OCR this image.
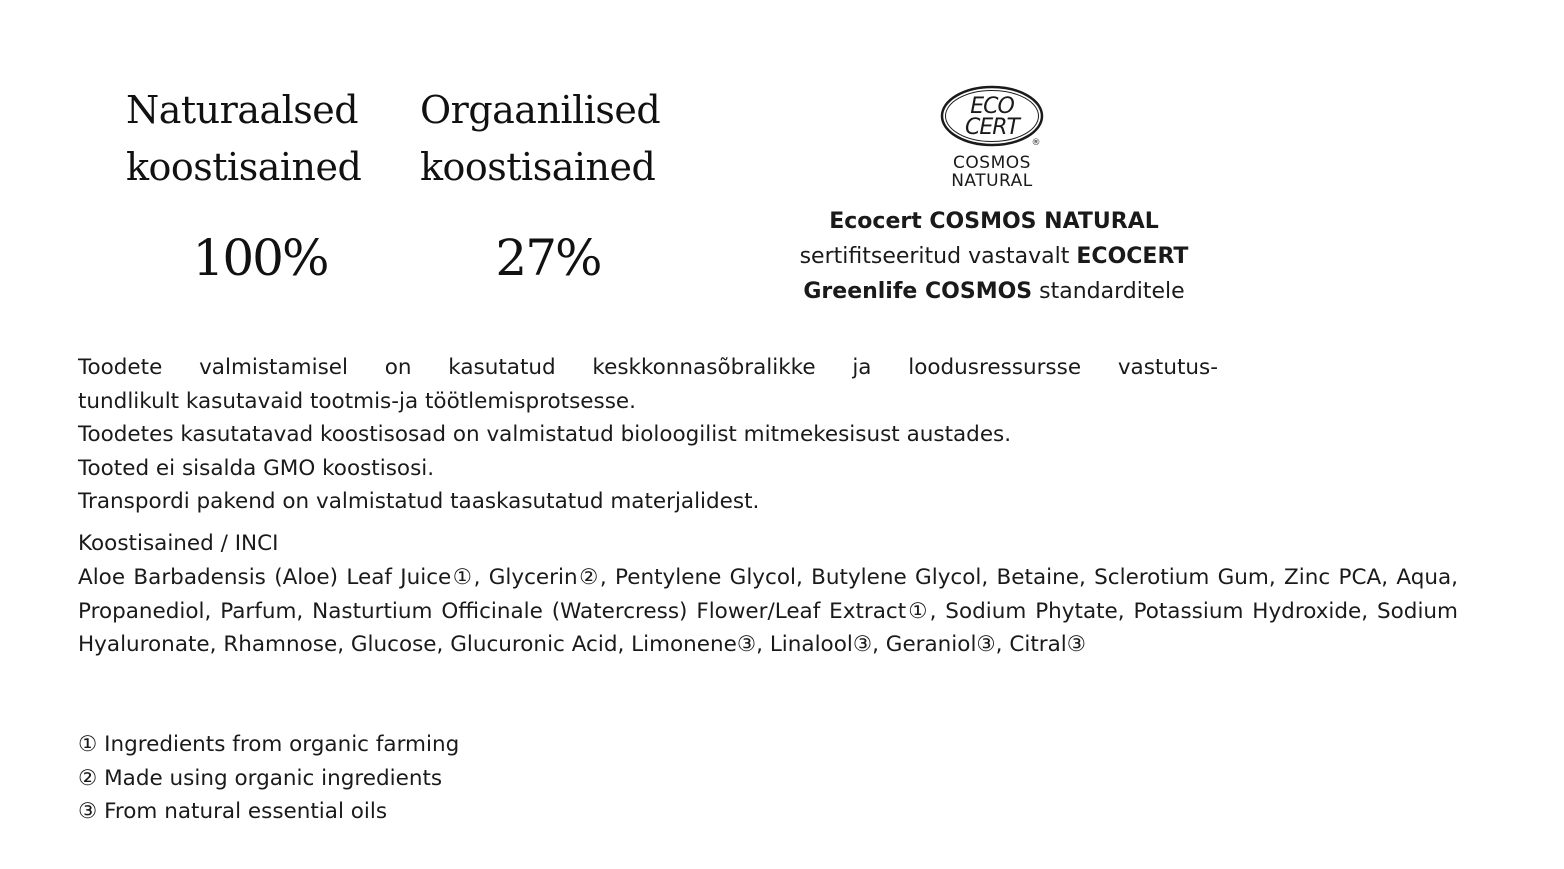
Naturaalsed
koostisained
100%
Orgaanilised
koostisained
27%
ECO
CERT
®
COSMOS
NATURAL
Ecocert COSMOS NATURAL
sertifitseeritud vastavalt ECOCERT
Greenlife COSMOS standarditele

Toodete valmistamisel on kasutatud keskkonnasõbralikke ja loodusressursse vastutus-

tundlikult kasutavaid tootmis-ja töötlemisprotsesse.

Toodetes kasutatavad koostisosad on valmistatud bioloogilist mitmekesisust austades.

Tooted ei sisalda GMO koostisosi.

Transpordi pakend on valmistatud taaskasutatud materjalidest.

Koostisained / INCI
Aloe Barbadensis (Aloe) Leaf Juice①, Glycerin②, Pentylene Glycol, Butylene Glycol, Betaine, Sclerotium Gum, Zinc PCA, Aqua, Propanediol, Parfum, Nasturtium Officinale (Watercress) Flower/Leaf Extract①, Sodium Phytate, Potassium Hydroxide, Sodium Hyaluronate, Rhamnose, Glucose, Glucuronic Acid, Limonene③, Linalool③, Geraniol③, Citral③
① Ingredients from organic farming
② Made using organic ingredients
③ From natural essential oils
